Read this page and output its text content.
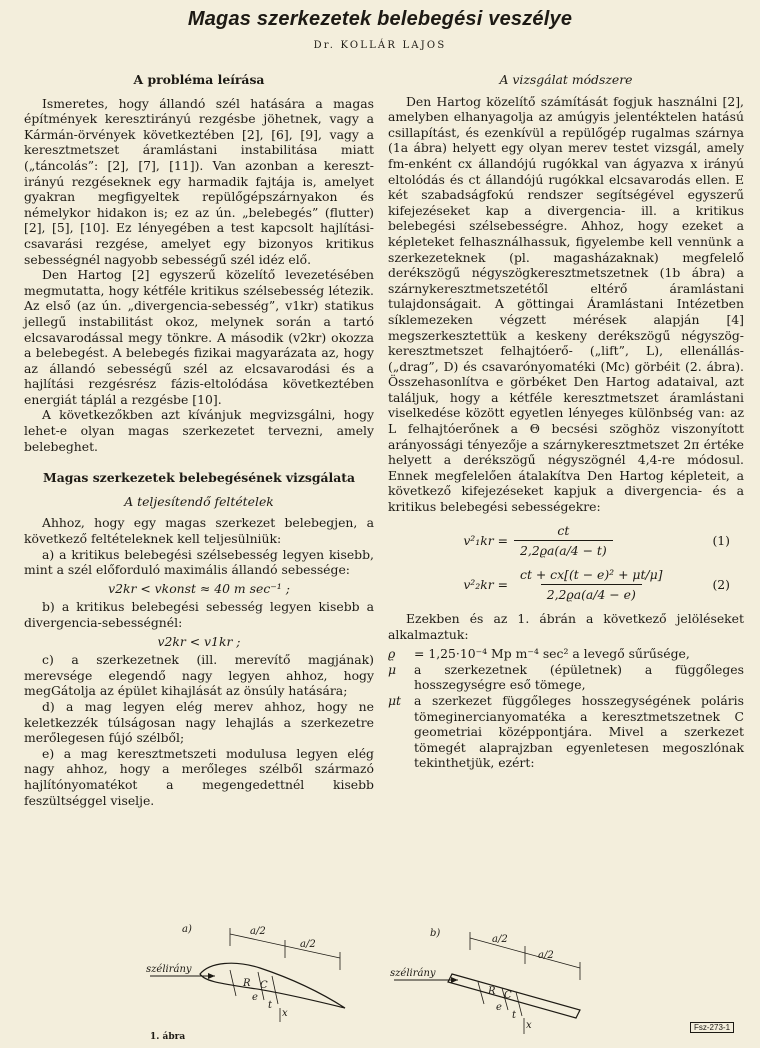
Magas szerkezetek belebegési veszélye
Dr. KOLLÁR LAJOS
A probléma leírása

Ismeretes, hogy állandó szél hatására a magas építmények keresztirányú rezgésbe jöhetnek, vagy a Kármán-örvények következtében [2], [6], [9], vagy a keresztmetszet áramlástani instabilitása miatt („táncolás”: [2], [7], [11]). Van azonban a kereszt-irányú rezgéseknek egy harmadik fajtája is, amelyet gyakran megfigyeltek repülőgépszárnyakon és némelykor hidakon is; ez az ún. „belebegés” (flutter) [2], [5], [10]. Ez lényegében a test kapcsolt hajlítási-csavarási rezgése, amelyet egy bizonyos kritikus sebességnél nagyobb sebességű szél idéz elő.

Den Hartog [2] egyszerű közelítő levezetésében megmutatta, hogy kétféle kritikus szélsebesség létezik. Az első (az ún. „divergencia-sebesség”, v1kr) statikus jellegű instabilitást okoz, melynek során a tartó elcsavarodással megy tönkre. A második (v2kr) okozza a belebegést. A belebegés fizikai magyarázata az, hogy az állandó sebességű szél az elcsavarodási és a hajlítási rezgésrész fázis-eltolódása következtében energiát táplál a rezgésbe [10].

A következőkben azt kívánjuk megvizsgálni, hogy lehet-e olyan magas szerkezetet tervezni, amely belebeghet.

Magas szerkezetek belebegésének vizsgálata
A teljesítendő feltételek

Ahhoz, hogy egy magas szerkezet belebegjen, a következő feltételeknek kell teljesülniük:

a) a kritikus belebegési szélsebesség legyen kisebb, mint a szél előforduló maximális állandó sebessége:

v2kr < vkonst ≈ 40 m sec⁻¹ ;

b) a kritikus belebegési sebesség legyen kisebb a divergencia-sebességnél:

v2kr < v1kr ;

c) a szerkezetnek (ill. merevítő magjának) merevsége elegendő nagy legyen ahhoz, hogy megGátolja az épület kihajlását az önsúly hatására;

d) a mag legyen elég merev ahhoz, hogy ne keletkezzék túlságosan nagy lehajlás a szerkezetre merőlegesen fújó szélből;

e) a mag keresztmetszeti modulusa legyen elég nagy ahhoz, hogy a merőleges szélből származó hajlítónyomatékot a megengedettnél kisebb feszültséggel viselje.

A vizsgálat módszere

Den Hartog közelítő számítását fogjuk használni [2], amelyben elhanyagolja az amúgyis jelentéktelen hatású csillapítást, és ezenkívül a repülőgép rugalmas szárnya (1a ábra) helyett egy olyan merev testet vizsgál, amely fm-enként cx állandójú rugókkal van ágyazva x irányú eltolódás és ct állandójú rugókkal elcsavarodás ellen. E két szabadságfokú rendszer segítségével egyszerű kifejezéseket kap a divergencia- ill. a kritikus belebegési szélsebességre. Ahhoz, hogy ezeket a képleteket felhasználhassuk, figyelembe kell vennünk a szerkezeteknek (pl. magasházaknak) megfelelő derékszögű négyszögkeresztmetszetnek (1b ábra) a szárnykeresztmetszetétől eltérő áramlástani tulajdonságait. A göttingai Áramlástani Intézetben síklemezeken végzett mérések alapján [4] megszerkesztettük a keskeny derékszögű négyszög-keresztmetszet felhajtóerő- („lift”, L), ellenállás- („drag”, D) és csavarónyomatéki (Mc) görbéit (2. ábra). Összehasonlítva e görbéket Den Hartog adataival, azt találjuk, hogy a kétféle keresztmetszet áramlástani viselkedése között egyetlen lényeges különbség van: az L felhajtóerőnek a Θ becsési szöghöz viszonyított arányossági tényezője a szárnykeresztmetszet 2π értéke helyett a derékszögű négyszögnél 4,4-re módosul. Ennek megfelelően átalakítva Den Hartog képleteit, a következő kifejezéseket kapjuk a divergencia- és a kritikus belebegési sebességekre:

$v^2_1kr = \frac{ct}{2,2ϱa(a/4 - t)}$	(1)
$v^2_2kr = \frac{\text{ct + cx[(t − e)² + μt/μ]}}{2,2ϱa(a/4 - e)}$	(2)

Ezekben és az 1. ábrán a következő jelöléseket alkalmaztuk:

ϱ	= 1,25·10⁻⁴ Mp m⁻⁴ sec² a levegő sűrűsége,
μ	a szerkezetnek (épületnek) a függőleges hosszegységre eső tömege,
μt	a szerkezet függőleges hosszegységének poláris tömeginercianyomatéka a keresztmetszetnek C geometriai középpontjára. Mivel a szerkezet tömegét alaprajzban egyenletesen megoszlónak tekinthetjük, ezért:
a)	a/2
a/2
szélirány
R C
e
t
x
b)
a/2
a/2
szélirány
R C
e
t
x
1. ábra
Fsz-273-1
